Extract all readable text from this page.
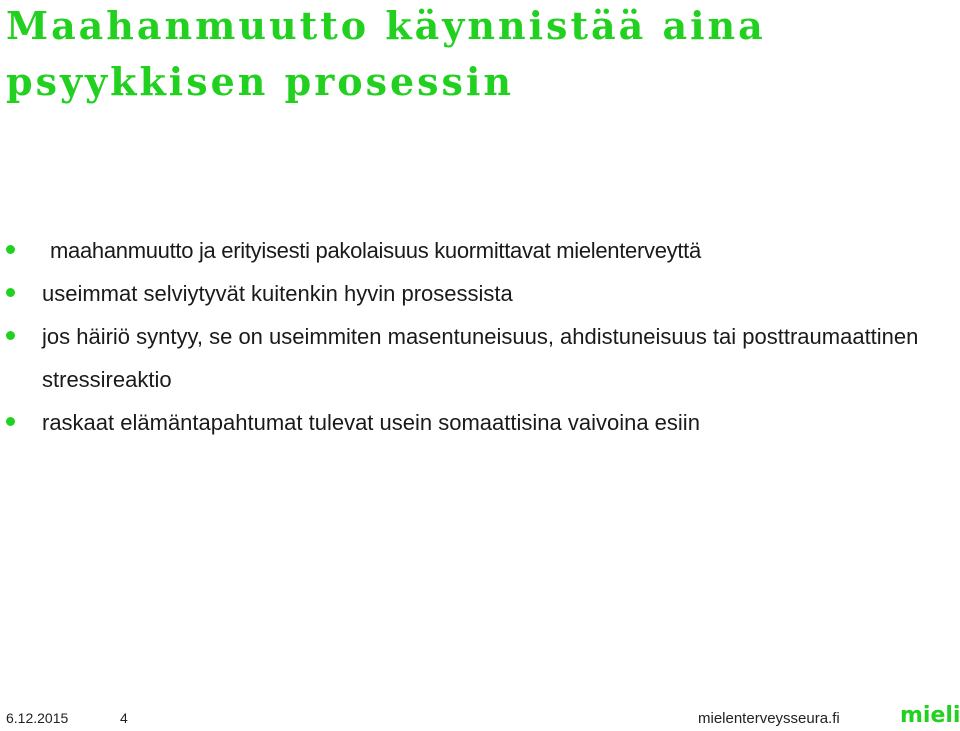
Maahanmuutto käynnistää aina
psyykkisen prosessin
maahanmuutto ja erityisesti pakolaisuus kuormittavat mielenterveyttä
useimmat selviytyvät kuitenkin hyvin prosessista
jos häiriö syntyy, se on useimmiten masentuneisuus, ahdistuneisuus tai posttraumaattinen stressireaktio
raskaat elämäntapahtumat tulevat usein somaattisina vaivoina esiin
6.12.2015	4	mielenterveysseura.fi	mieli
